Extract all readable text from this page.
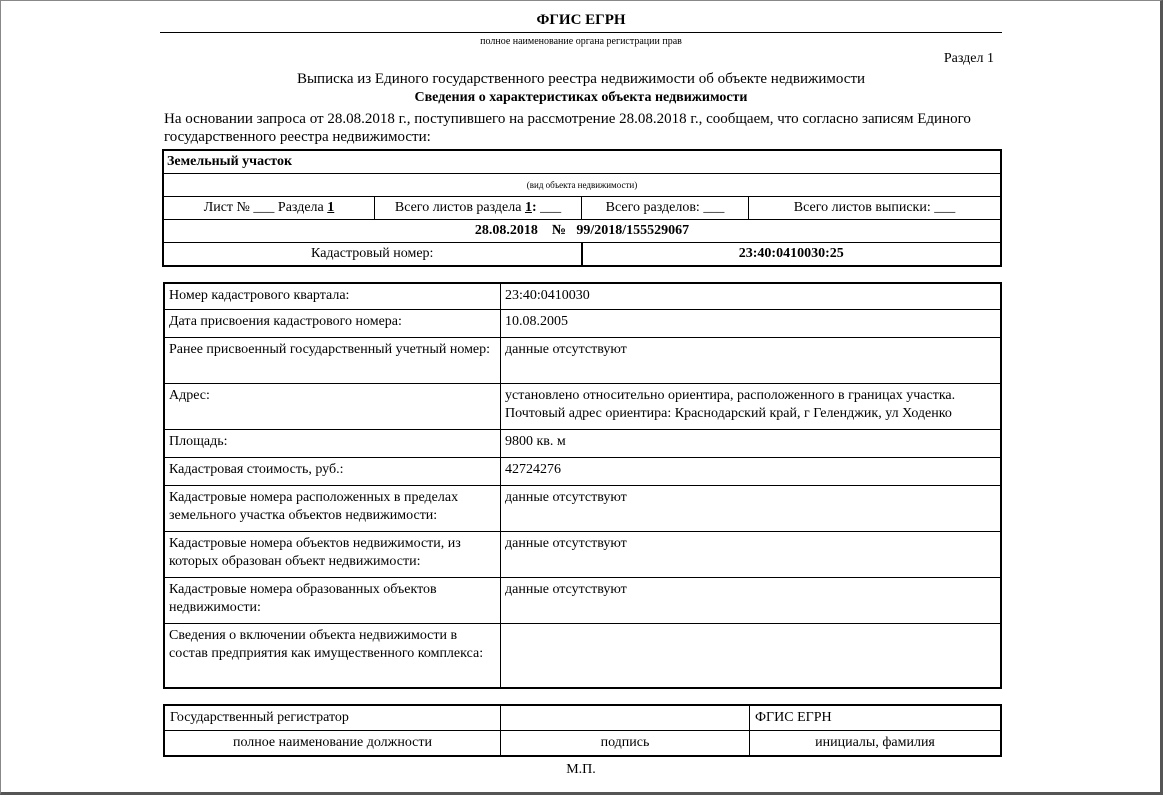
ФГИС ЕГРН
полное наименование органа регистрации прав
Раздел 1
Выписка из Единого государственного реестра недвижимости об объекте недвижимости
Сведения о характеристиках объекта недвижимости
На основании запроса от 28.08.2018 г., поступившего на рассмотрение 28.08.2018 г., сообщаем, что согласно записям Единого государственного реестра недвижимости:
Земельный участок			
(вид объекта недвижимости)			
Лист № ___ Раздела 1	Всего листов раздела 1: ___	Всего разделов: ___	Всего листов выписки: ___
28.08.2018 № 99/2018/155529067			
Кадастровый номер:		23:40:0410030:25	
Номер кадастрового квартала:	23:40:0410030
Дата присвоения кадастрового номера:	10.08.2005
Ранее присвоенный государственный учетный номер:	данные отсутствуют
Адрес:	установлено относительно ориентира, расположенного в границах участка. Почтовый адрес ориентира: Краснодарский край, г Геленджик, ул Ходенко
Площадь:	9800 кв. м
Кадастровая стоимость, руб.:	42724276
Кадастровые номера расположенных в пределах земельного участка объектов недвижимости:	данные отсутствуют
Кадастровые номера объектов недвижимости, из которых образован объект недвижимости:	данные отсутствуют
Кадастровые номера образованных объектов недвижимости:	данные отсутствуют
Сведения о включении объекта недвижимости в состав предприятия как имущественного комплекса:	
Государственный регистратор		ФГИС ЕГРН
полное наименование должности	подпись	инициалы, фамилия
М.П.
